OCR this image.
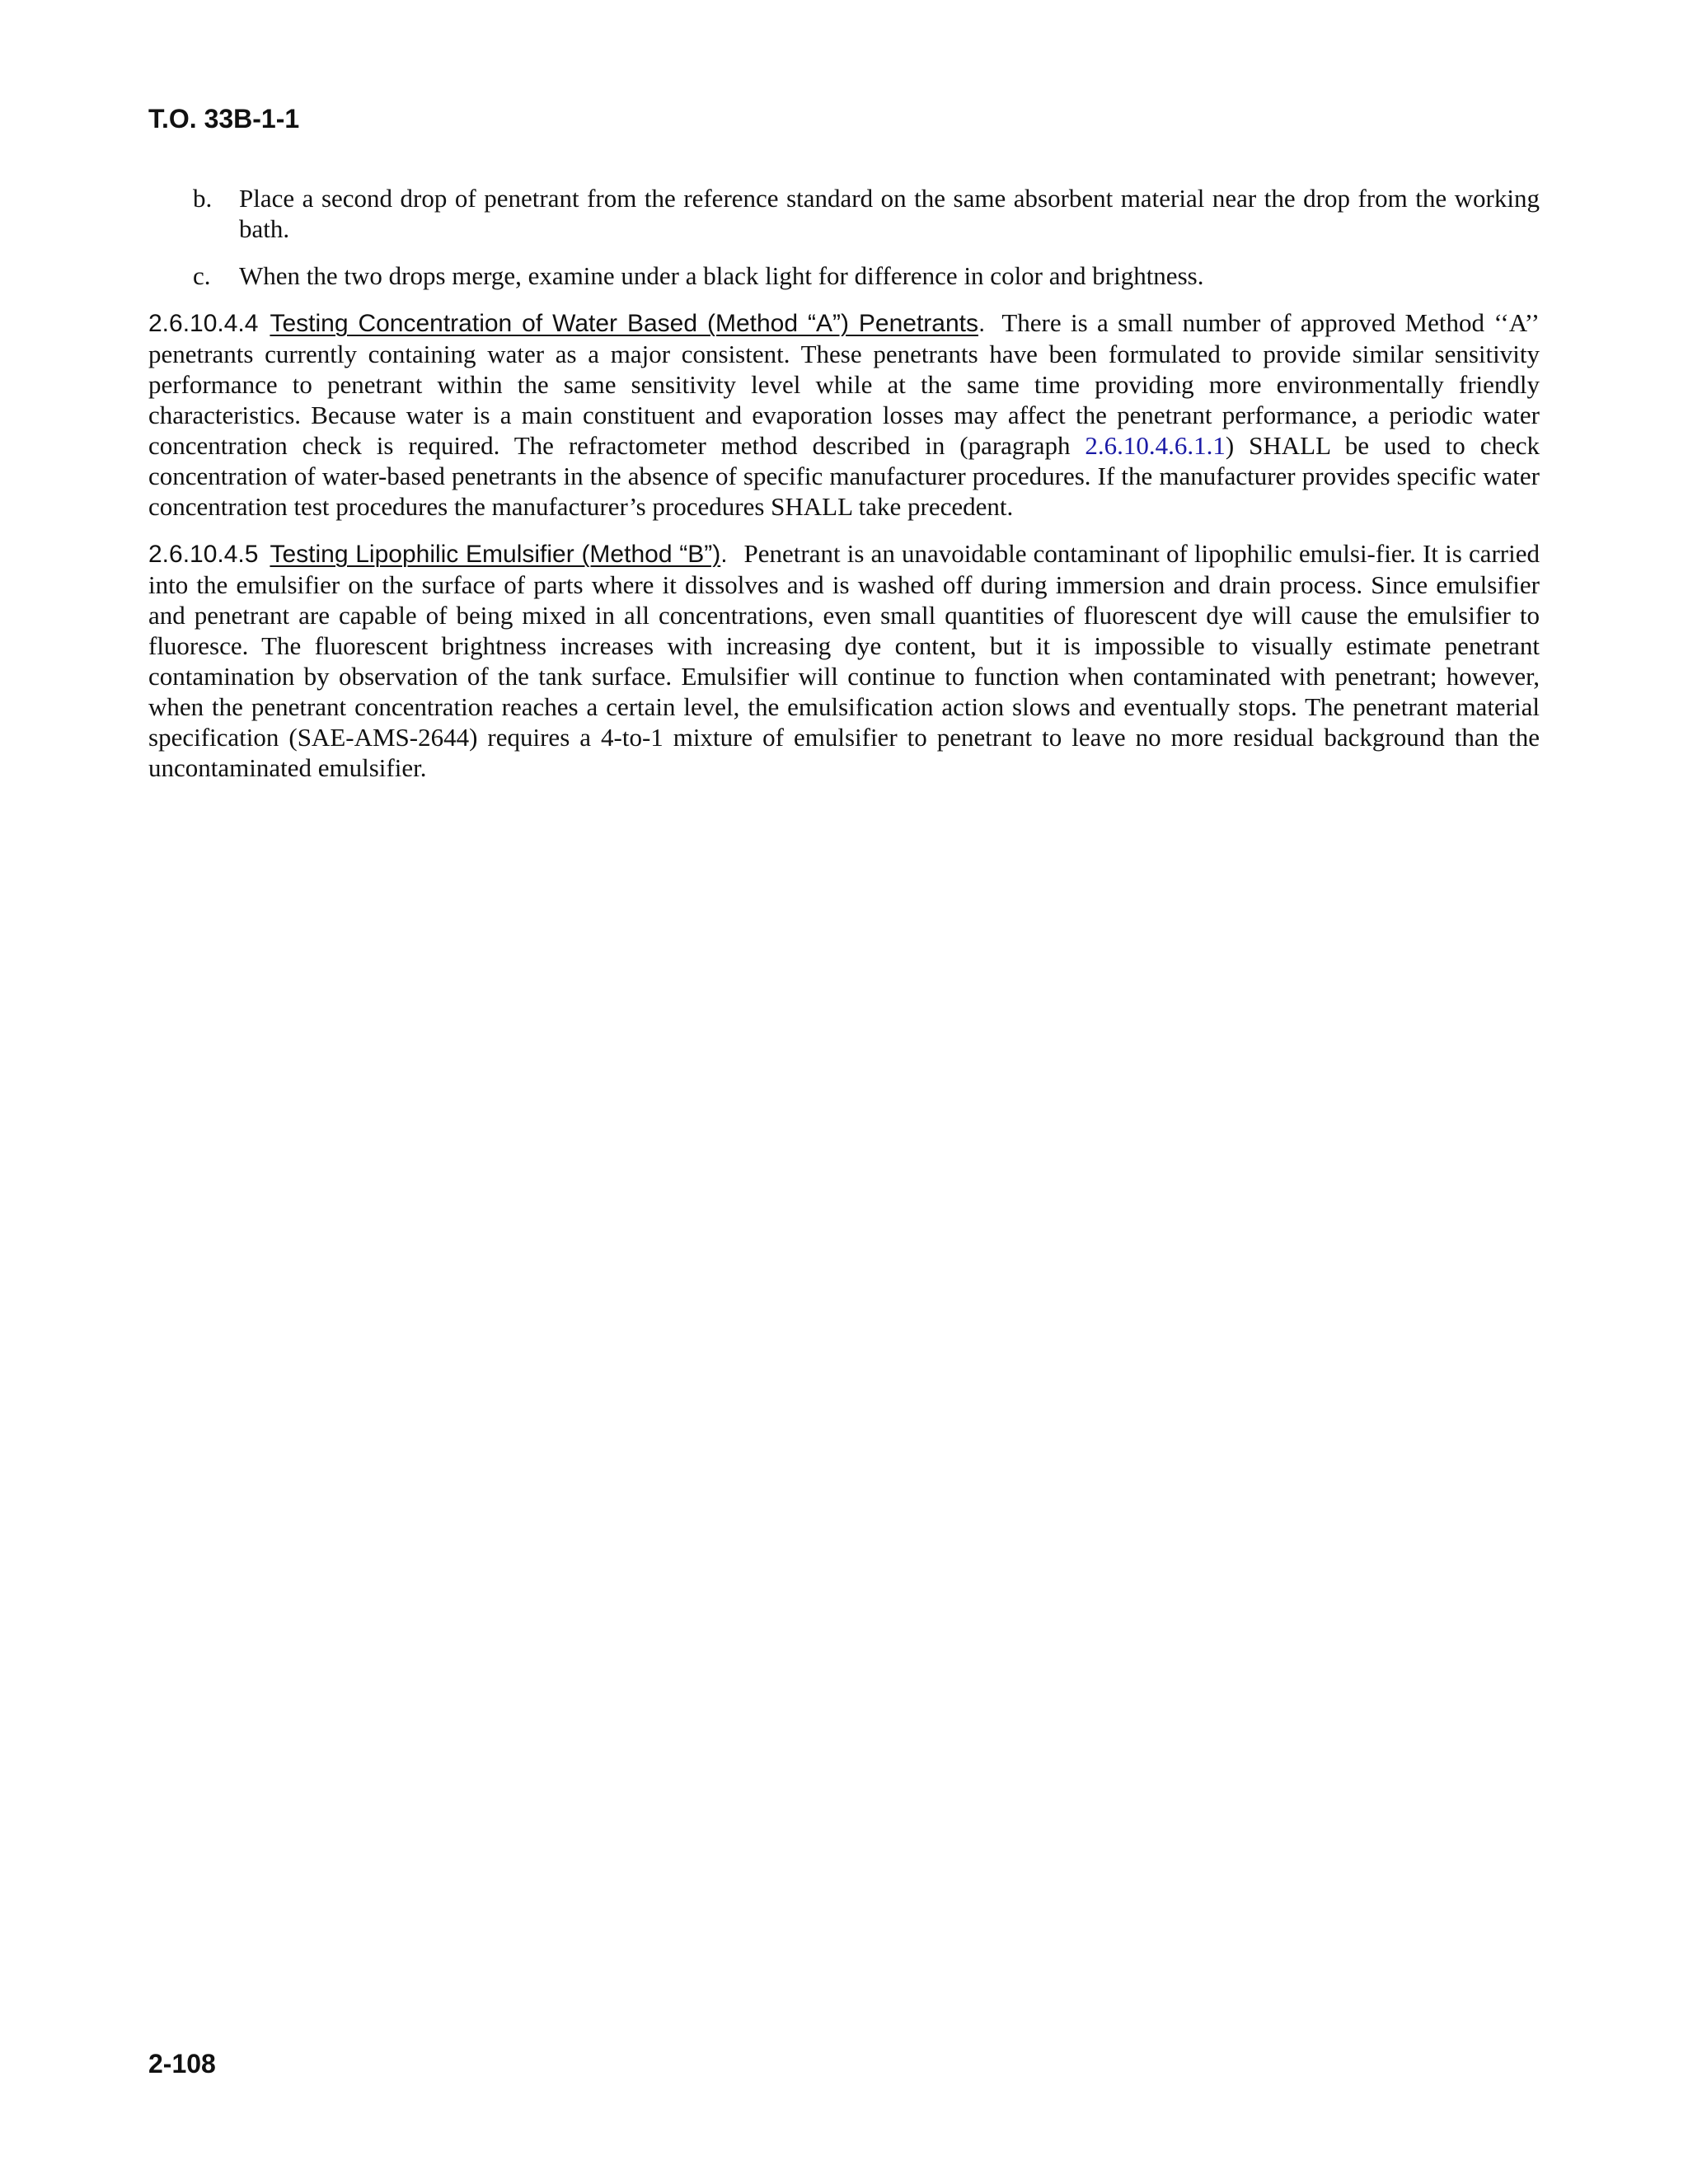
T.O. 33B-1-1

b.	Place a second drop of penetrant from the reference standard on the same absorbent material near the drop from the working bath.
c.	When the two drops merge, examine under a black light for difference in color and brightness.

2.6.10.4.4 Testing Concentration of Water Based (Method “A”) Penetrants. There is a small number of approved Method ‘‘A’’ penetrants currently containing water as a major consistent. These penetrants have been formulated to provide similar sensitivity performance to penetrant within the same sensitivity level while at the same time providing more environmentally friendly characteristics. Because water is a main constituent and evaporation losses may affect the penetrant performance, a periodic water concentration check is required. The refractometer method described in (paragraph 2.6.10.4.6.1.1) SHALL be used to check concentration of water-based penetrants in the absence of specific manufacturer procedures. If the manufacturer provides specific water concentration test procedures the manufacturer’s procedures SHALL take precedent.

2.6.10.4.5 Testing Lipophilic Emulsifier (Method “B”). Penetrant is an unavoidable contaminant of lipophilic emulsi-fier. It is carried into the emulsifier on the surface of parts where it dissolves and is washed off during immersion and drain process. Since emulsifier and penetrant are capable of being mixed in all concentrations, even small quantities of fluorescent dye will cause the emulsifier to fluoresce. The fluorescent brightness increases with increasing dye content, but it is impossible to visually estimate penetrant contamination by observation of the tank surface. Emulsifier will continue to function when contaminated with penetrant; however, when the penetrant concentration reaches a certain level, the emulsification action slows and eventually stops. The penetrant material specification (SAE-AMS-2644) requires a 4-to-1 mixture of emulsifier to penetrant to leave no more residual background than the uncontaminated emulsifier.

2-108
